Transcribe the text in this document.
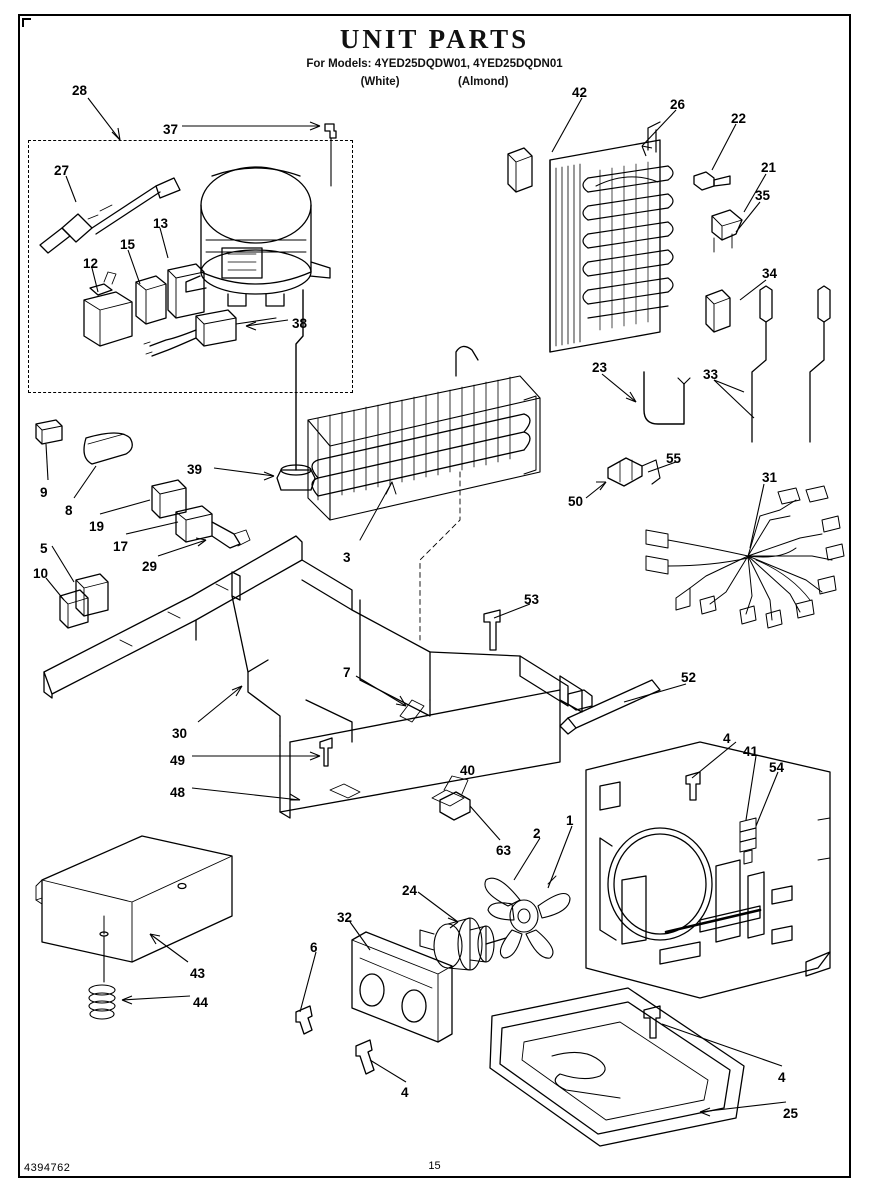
UNIT PARTS
For Models: 4YED25DQDW01, 4YED25DQDN01
(White)	(Almond)
28
37
27
13
15
12
38
42
26
22
21
35
34
23	33
9
8
39
19
17
29
5
10
3
55
50
31
53
7	52
30
49
48
40
4
41
54
63
2
1
24
32
6
43
44
4
4
25
4394762	15
